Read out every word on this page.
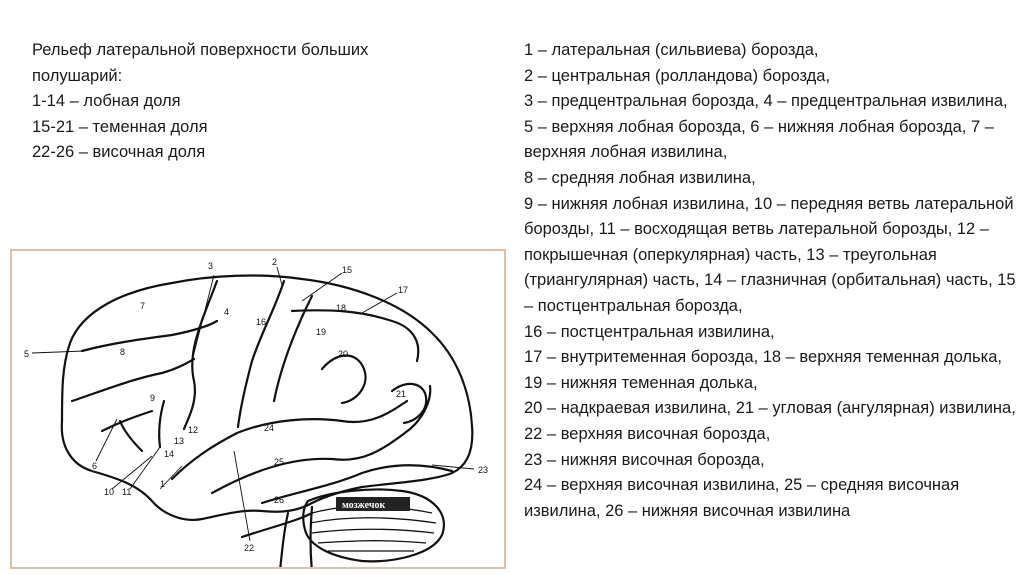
Рельеф латеральной поверхности больших
полушарий:
1-14 – лобная доля
15-21 – теменная доля
22-26 – височная доля
1 – латеральная (сильвиева) борозда,
2 – центральная (ролландова) борозда,
3 – предцентральная борозда, 4 – предцентральная извилина, 5 – верхняя лобная борозда, 6 – нижняя лобная борозда, 7 – верхняя лобная извилина,
8 – средняя лобная извилина,
9 – нижняя лобная извилина, 10 – передняя ветвь латеральной борозды, 11 – восходящая ветвь латеральной борозды, 12 – покрышечная (оперкулярная) часть, 13 – треугольная (триангулярная) часть, 14 – глазничная (орбитальная) часть, 15 – постцентральная борозда,
16 – постцентральная извилина,
17 – внутритеменная борозда, 18 – верхняя теменная долька, 19 – нижняя теменная долька,
20 – надкраевая извилина, 21 – угловая (ангулярная) извилина, 22 – верхняя височная борозда,
23 – нижняя височная борозда,
24 – верхняя височная извилина, 25 – средняя височная извилина, 26 – нижняя височная извилина
мозжечок
1
2
3
4
5
6
7
8
9
10 11
12
13
14
15
16
17
18
19
20
21
22
23
24
25
26
